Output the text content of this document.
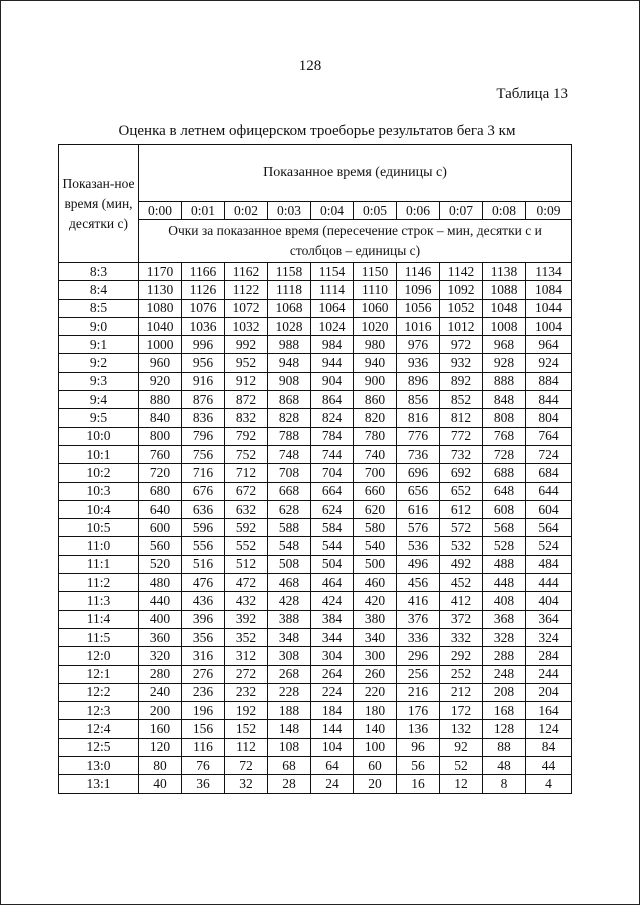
128
Таблица 13
Оценка в летнем офицерском троеборье результатов бега 3 км
Показан-ное время (мин, десятки с)	Показанное время (единицы с)									
	0:00	0:01	0:02	0:03	0:04	0:05	0:06	0:07	0:08	0:09
	Очки за показанное время (пересечение строк – мин, десятки с и столбцов – единицы с)									
8:3	1170	1166	1162	1158	1154	1150	1146	1142	1138	1134
8:4	1130	1126	1122	1118	1114	1110	1096	1092	1088	1084
8:5	1080	1076	1072	1068	1064	1060	1056	1052	1048	1044
9:0	1040	1036	1032	1028	1024	1020	1016	1012	1008	1004
9:1	1000	996	992	988	984	980	976	972	968	964
9:2	960	956	952	948	944	940	936	932	928	924
9:3	920	916	912	908	904	900	896	892	888	884
9:4	880	876	872	868	864	860	856	852	848	844
9:5	840	836	832	828	824	820	816	812	808	804
10:0	800	796	792	788	784	780	776	772	768	764
10:1	760	756	752	748	744	740	736	732	728	724
10:2	720	716	712	708	704	700	696	692	688	684
10:3	680	676	672	668	664	660	656	652	648	644
10:4	640	636	632	628	624	620	616	612	608	604
10:5	600	596	592	588	584	580	576	572	568	564
11:0	560	556	552	548	544	540	536	532	528	524
11:1	520	516	512	508	504	500	496	492	488	484
11:2	480	476	472	468	464	460	456	452	448	444
11:3	440	436	432	428	424	420	416	412	408	404
11:4	400	396	392	388	384	380	376	372	368	364
11:5	360	356	352	348	344	340	336	332	328	324
12:0	320	316	312	308	304	300	296	292	288	284
12:1	280	276	272	268	264	260	256	252	248	244
12:2	240	236	232	228	224	220	216	212	208	204
12:3	200	196	192	188	184	180	176	172	168	164
12:4	160	156	152	148	144	140	136	132	128	124
12:5	120	116	112	108	104	100	96	92	88	84
13:0	80	76	72	68	64	60	56	52	48	44
13:1	40	36	32	28	24	20	16	12	8	4
